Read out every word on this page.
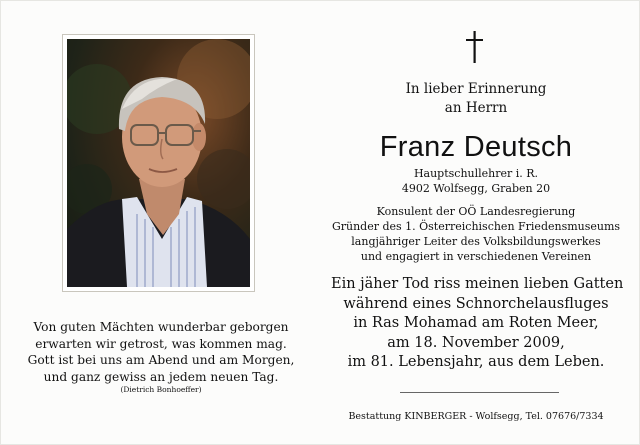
Von guten Mächten wunderbar geborgen
erwarten wir getrost, was kommen mag.
Gott ist bei uns am Abend und am Morgen,
und ganz gewiss an jedem neuen Tag.
(Dietrich Bonhoeffer)
In lieber Erinnerung
an Herrn
Franz Deutsch
Hauptschullehrer i. R.
4902 Wolfsegg, Graben 20
Konsulent der OÖ Landesregierung
Gründer des 1. Österreichischen Friedensmuseums
langjähriger Leiter des Volksbildungswerkes
und engagiert in verschiedenen Vereinen
Ein jäher Tod riss meinen lieben Gatten
während eines Schnorchelausfluges
in Ras Mohamad am Roten Meer,
am 18. November 2009,
im 81. Lebensjahr, aus dem Leben.
Bestattung KINBERGER - Wolfsegg, Tel. 07676/7334
